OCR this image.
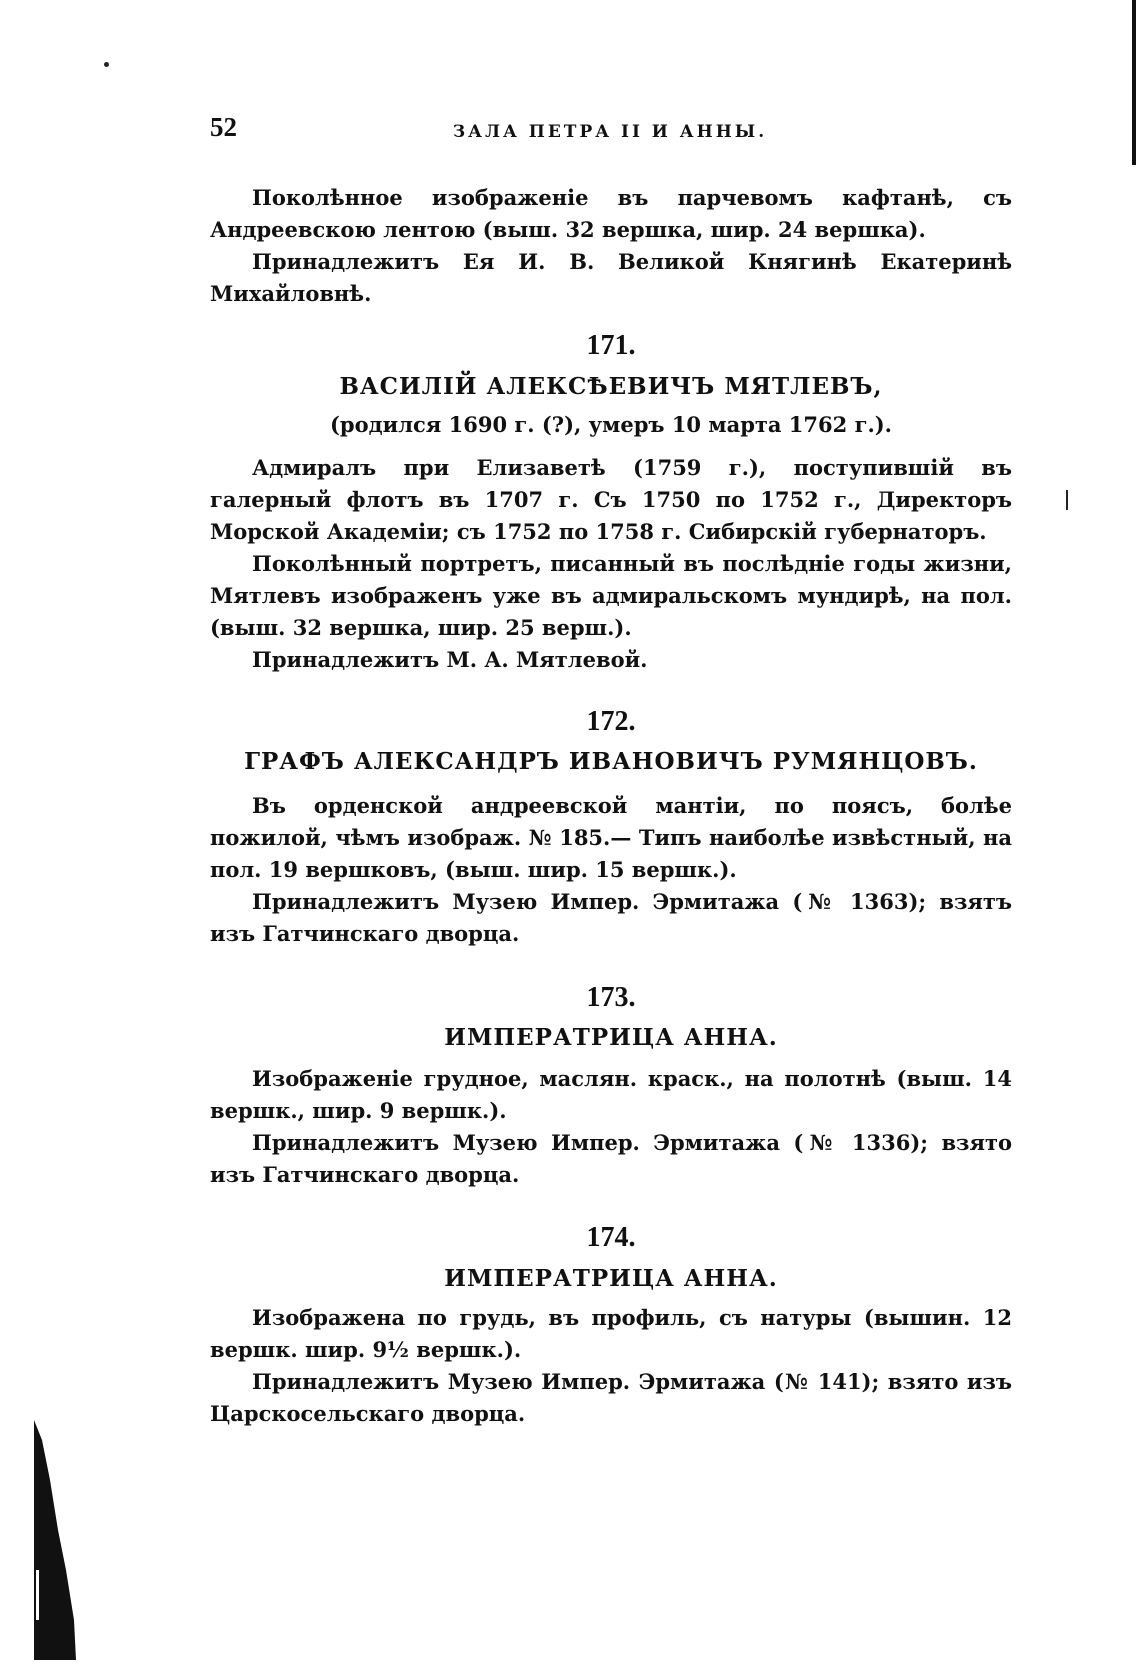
52	ЗАЛА ПЕТРА II И АННЫ.

Поколѣнное изображеніе въ парчевомъ кафтанѣ, съ Андреевскою лентою (выш. 32 вершка, шир. 24 вершка).

Принадлежитъ Ея И. В. Великой Княгинѣ Екатеринѣ Михайловнѣ.

171.
ВАСИЛІЙ АЛЕКСѢЕВИЧЪ МЯТЛЕВЪ,
(родился 1690 г. (?), умеръ 10 марта 1762 г.).

Адмиралъ при Елизаветѣ (1759 г.), поступившій въ галерный флотъ въ 1707 г. Съ 1750 по 1752 г., Директоръ Морской Академіи; съ 1752 по 1758 г. Сибирскій губернаторъ.

Поколѣнный портретъ, писанный въ послѣдніе годы жизни, Мятлевъ изображенъ уже въ адмиральскомъ мундирѣ, на пол. (выш. 32 вершка, шир. 25 верш.).

Принадлежитъ М. А. Мятлевой.

172.
ГРАФЪ АЛЕКСАНДРЪ ИВАНОВИЧЪ РУМЯНЦОВЪ.

Въ орденской андреевской мантіи, по поясъ, болѣе пожилой, чѣмъ изображ. № 185.— Типъ наиболѣе извѣстный, на пол. 19 вершковъ, (выш. шир. 15 вершк.).

Принадлежитъ Музею Импер. Эрмитажа (№ 1363); взятъ изъ Гатчинскаго дворца.

173.
ИМПЕРАТРИЦА АННА.

Изображеніе грудное, маслян. краск., на полотнѣ (выш. 14 вершк., шир. 9 вершк.).

Принадлежитъ Музею Импер. Эрмитажа (№ 1336); взято изъ Гатчинскаго дворца.

174.
ИМПЕРАТРИЦА АННА.

Изображена по грудь, въ профиль, съ натуры (вышин. 12 вершк. шир. 9½ вершк.).

Принадлежитъ Музею Импер. Эрмитажа (№ 141); взято изъ Царскосельскаго дворца.
